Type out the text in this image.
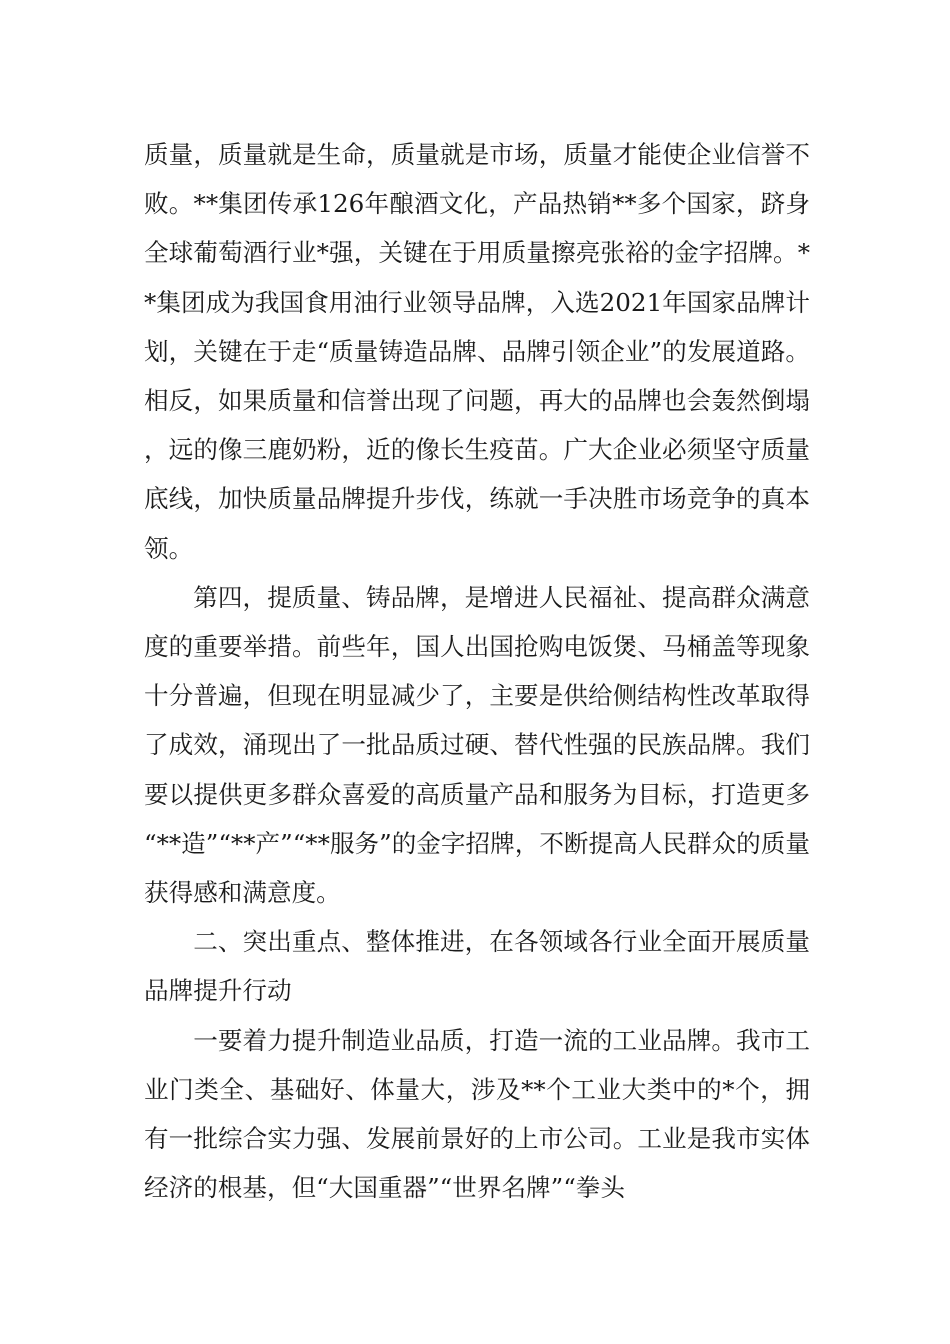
质量，质量就是生命，质量就是市场，质量才能使企业信誉不败。**集团传承126年酿酒文化，产品热销**多个国家，跻身全球葡萄酒行业*强，关键在于用质量擦亮张裕的金字招牌。**集团成为我国食用油行业领导品牌，入选2021年国家品牌计划，关键在于走“质量铸造品牌、品牌引领企业”的发展道路。相反，如果质量和信誉出现了问题，再大的品牌也会轰然倒塌，远的像三鹿奶粉，近的像长生疫苗。广大企业必须坚守质量底线，加快质量品牌提升步伐，练就一手决胜市场竞争的真本领。

第四，提质量、铸品牌，是增进人民福祉、提高群众满意度的重要举措。前些年，国人出国抢购电饭煲、马桶盖等现象十分普遍，但现在明显减少了，主要是供给侧结构性改革取得了成效，涌现出了一批品质过硬、替代性强的民族品牌。我们要以提供更多群众喜爱的高质量产品和服务为目标，打造更多“**造”“**产”“**服务”的金字招牌，不断提高人民群众的质量获得感和满意度。

二、突出重点、整体推进，在各领域各行业全面开展质量品牌提升行动

一要着力提升制造业品质，打造一流的工业品牌。我市工业门类全、基础好、体量大，涉及**个工业大类中的*个，拥有一批综合实力强、发展前景好的上市公司。工业是我市实体经济的根基，但“大国重器”“世界名牌”“拳头
